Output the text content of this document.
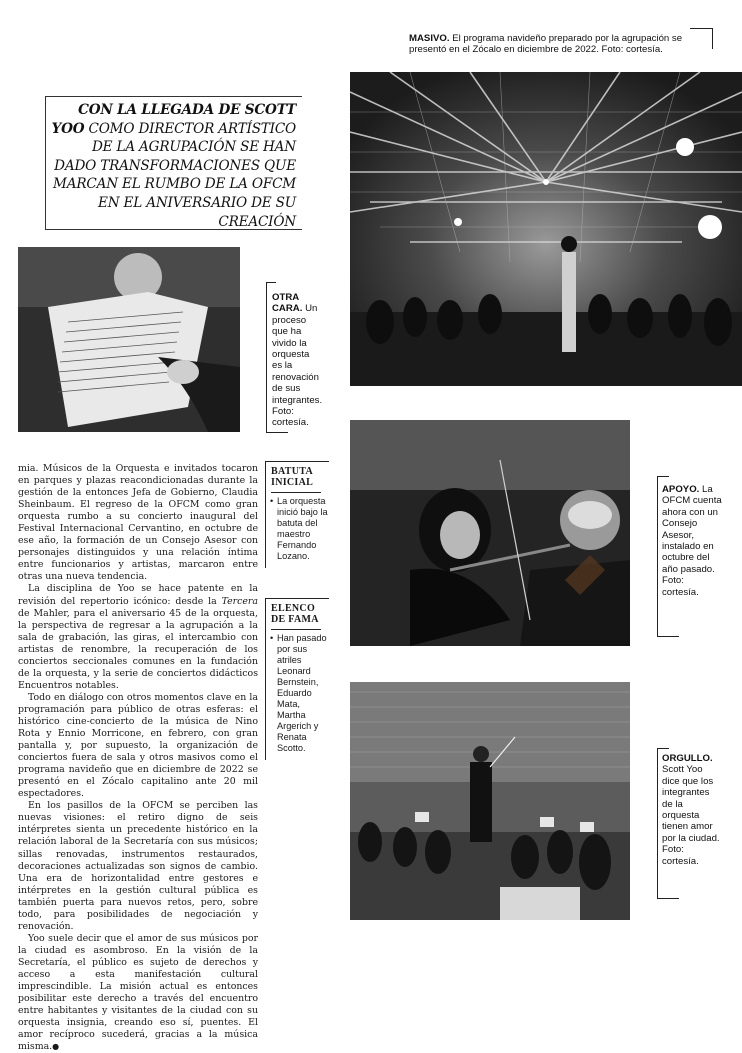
MASIVO. El programa navideño preparado por la agrupación se presentó en el Zócalo en diciembre de 2022. Foto: cortesía.
CON LA LLEGADA DE SCOTT YOO COMO DIRECTOR ARTÍSTICO DE LA AGRUPACIÓN SE HAN DADO TRANSFORMACIONES QUE MARCAN EL RUMBO DE LA OFCM EN EL ANIVERSARIO DE SU CREACIÓN
OTRA CARA. Un proceso que ha vivido la orquesta es la renovación de sus integrantes. Foto: cortesía.
BATUTA INICIAL
• La orquesta inició bajo la batuta del maestro Fernando Lozano.
ELENCO DE FAMA
• Han pasado por sus atriles Leonard Bernstein, Eduardo Mata, Martha Argerich y Renata Scotto.
APOYO. La OFCM cuenta ahora con un Consejo Asesor, instalado en octubre del año pasado. Foto: cortesía.
ORGULLO. Scott Yoo dice que los integrantes de la orquesta tienen amor por la ciudad. Foto: cortesía.

mia. Músicos de la Orquesta e invitados tocaron en parques y plazas reacondicionadas durante la gestión de la entonces Jefa de Gobierno, Claudia Sheinbaum. El regreso de la OFCM como gran orquesta rumbo a su concierto inaugural del Festival Internacional Cervantino, en octubre de ese año, la formación de un Consejo Asesor con personajes distinguidos y una relación íntima entre funcionarios y artistas, marcaron entre otras una nueva tendencia.

La disciplina de Yoo se hace patente en la revisión del repertorio icónico: desde la Tercera de Mahler, para el aniversario 45 de la orquesta, la perspectiva de regresar a la agrupación a la sala de grabación, las giras, el intercambio con artistas de renombre, la recuperación de los conciertos seccionales comunes en la fundación de la orquesta, y la serie de conciertos didácticos Encuentros notables.

Todo en diálogo con otros momentos clave en la programación para público de otras esferas: el histórico cine-concierto de la música de Nino Rota y Ennio Morricone, en febrero, con gran pantalla y, por supuesto, la organización de conciertos fuera de sala y otros masivos como el programa navideño que en diciembre de 2022 se presentó en el Zócalo capitalino ante 20 mil espectadores.

En los pasillos de la OFCM se perciben las nuevas visiones: el retiro digno de seis intérpretes sienta un precedente histórico en la relación laboral de la Secretaría con sus músicos; sillas renovadas, instrumentos restaurados, decoraciones actualizadas son signos de cambio. Una era de horizontalidad entre gestores e intérpretes en la gestión cultural pública es también puerta para nuevos retos, pero, sobre todo, para posibilidades de negociación y renovación.

Yoo suele decir que el amor de sus músicos por la ciudad es asombroso. En la visión de la Secretaría, el público es sujeto de derechos y acceso a esta manifestación cultural imprescindible. La misión actual es entonces posibilitar este derecho a través del encuentro entre habitantes y visitantes de la ciudad con su orquesta insignia, creando eso sí, puentes. El amor recíproco sucederá, gracias a la música misma.●
